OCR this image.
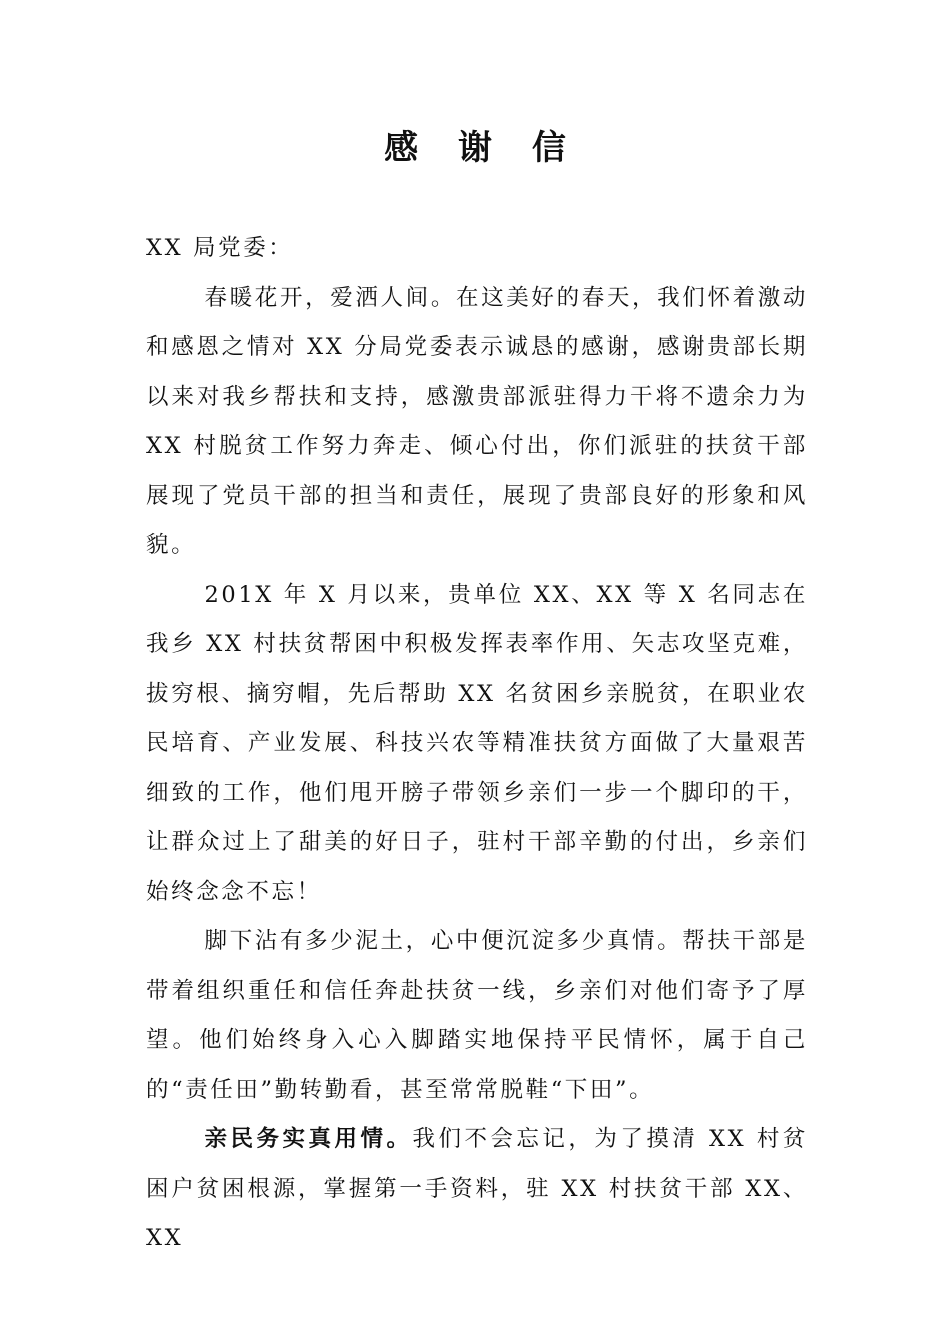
感 谢 信

XX 局党委：

春暖花开，爱洒人间。在这美好的春天，我们怀着激动和感恩之情对 XX 分局党委表示诚恳的感谢，感谢贵部长期以来对我乡帮扶和支持，感激贵部派驻得力干将不遗余力为 XX 村脱贫工作努力奔走、倾心付出，你们派驻的扶贫干部展现了党员干部的担当和责任，展现了贵部良好的形象和风貌。

201X 年 X 月以来，贵单位 XX、XX 等 X 名同志在我乡 XX 村扶贫帮困中积极发挥表率作用、矢志攻坚克难，拔穷根、摘穷帽，先后帮助 XX 名贫困乡亲脱贫，在职业农民培育、产业发展、科技兴农等精准扶贫方面做了大量艰苦细致的工作，他们甩开膀子带领乡亲们一步一个脚印的干，让群众过上了甜美的好日子，驻村干部辛勤的付出，乡亲们始终念念不忘！

脚下沾有多少泥土，心中便沉淀多少真情。帮扶干部是带着组织重任和信任奔赴扶贫一线，乡亲们对他们寄予了厚望。他们始终身入心入脚踏实地保持平民情怀，属于自己的“责任田”勤转勤看，甚至常常脱鞋“下田”。

亲民务实真用情。我们不会忘记，为了摸清 XX 村贫困户贫困根源，掌握第一手资料，驻 XX 村扶贫干部 XX、XX
